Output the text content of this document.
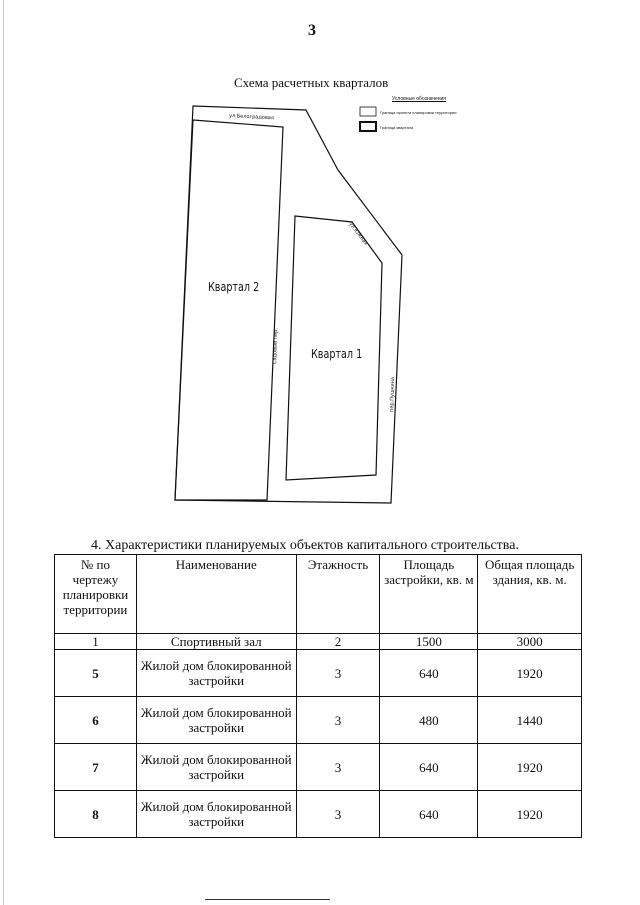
3
Схема расчетных кварталов
Квартал 2
Квартал 1
ул.Белоградовая
ул.Южная
Садовый пер.
пер.Пушкина
Условные обозначения
Граница проекта планировки территории
Граница квартала
4. Характеристики планируемых объектов капитального строительства.
№ по чертежу планировки территории	Наименование	Этажность	Площадь застройки, кв. м	Общая площадь здания, кв. м.
1	Спортивный зал	2	1500	3000
5	Жилой дом блокированной застройки	3	640	1920
6	Жилой дом блокированной застройки	3	480	1440
7	Жилой дом блокированной застройки	3	640	1920
8	Жилой дом блокированной застройки	3	640	1920
